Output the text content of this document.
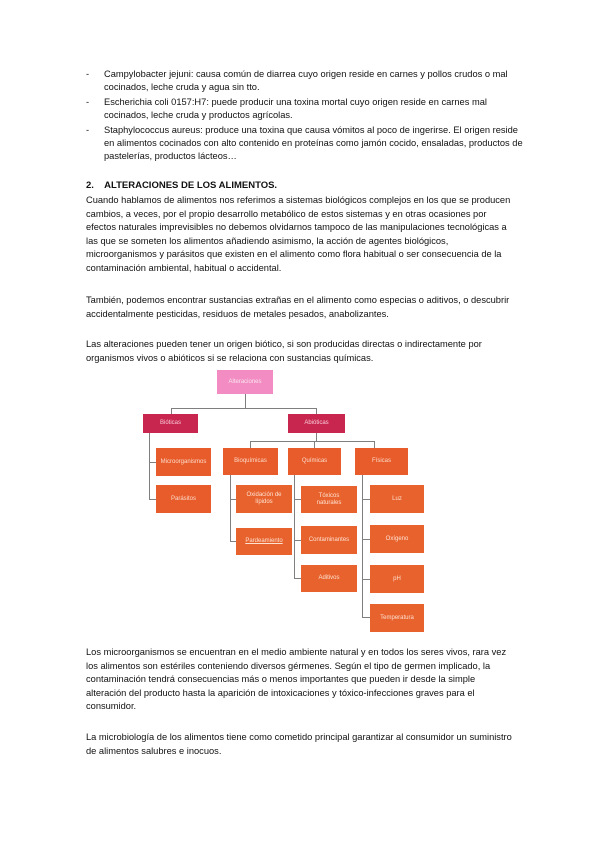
- Campylobacter jejuni: causa común de diarrea cuyo origen reside en carnes y pollos crudos o mal cocinados, leche cruda y agua sin tto.
- Escherichia coli 0157:H7: puede producir una toxina mortal cuyo origen reside en carnes mal cocinados, leche cruda y productos agrícolas.
- Staphylococcus aureus: produce una toxina que causa vómitos al poco de ingerirse. El origen reside en alimentos cocinados con alto contenido en proteínas como jamón cocido, ensaladas, productos de pastelerías, productos lácteos…
2.    ALTERACIONES DE LOS ALIMENTOS.
Cuando hablamos de alimentos nos referimos a sistemas biológicos complejos en los que se producen cambios, a veces, por el propio desarrollo metabólico de estos sistemas y en otras ocasiones por efectos naturales imprevisibles no debemos olvidarnos tampoco de las manipulaciones tecnológicas a las que se someten los alimentos añadiendo asimismo, la acción de agentes biológicos, microorganismos y parásitos que existen en el alimento como flora habitual o ser consecuencia de la contaminación ambiental, habitual o accidental.
También, podemos encontrar sustancias extrañas en el alimento como especias o aditivos, o descubrir accidentalmente pesticidas, residuos de metales pesados, anabolizantes.
Las alteraciones pueden tener un origen biótico, si son producidas directas o indirectamente por organismos vivos o abióticos si se relaciona con sustancias químicas.
Alteraciones
Bióticas	Abióticas
Microorganismos
Parásitos
Bioquímicas	Químicas	Físicas
Oxidación de lípidos
Pardeamiento
Tóxicos naturales
Contaminantes
Aditivos
Luz
Oxígeno
pH
Temperatura
Los microorganismos se encuentran en el medio ambiente natural y en todos los seres vivos, rara vez los alimentos son estériles conteniendo diversos gérmenes. Según el tipo de germen implicado, la contaminación tendrá consecuencias más o menos importantes que pueden ir desde la simple alteración del producto hasta la aparición de intoxicaciones y tóxico-infecciones graves para el consumidor.
La microbiología de los alimentos tiene como cometido principal garantizar al consumidor un suministro de alimentos salubres e inocuos.
